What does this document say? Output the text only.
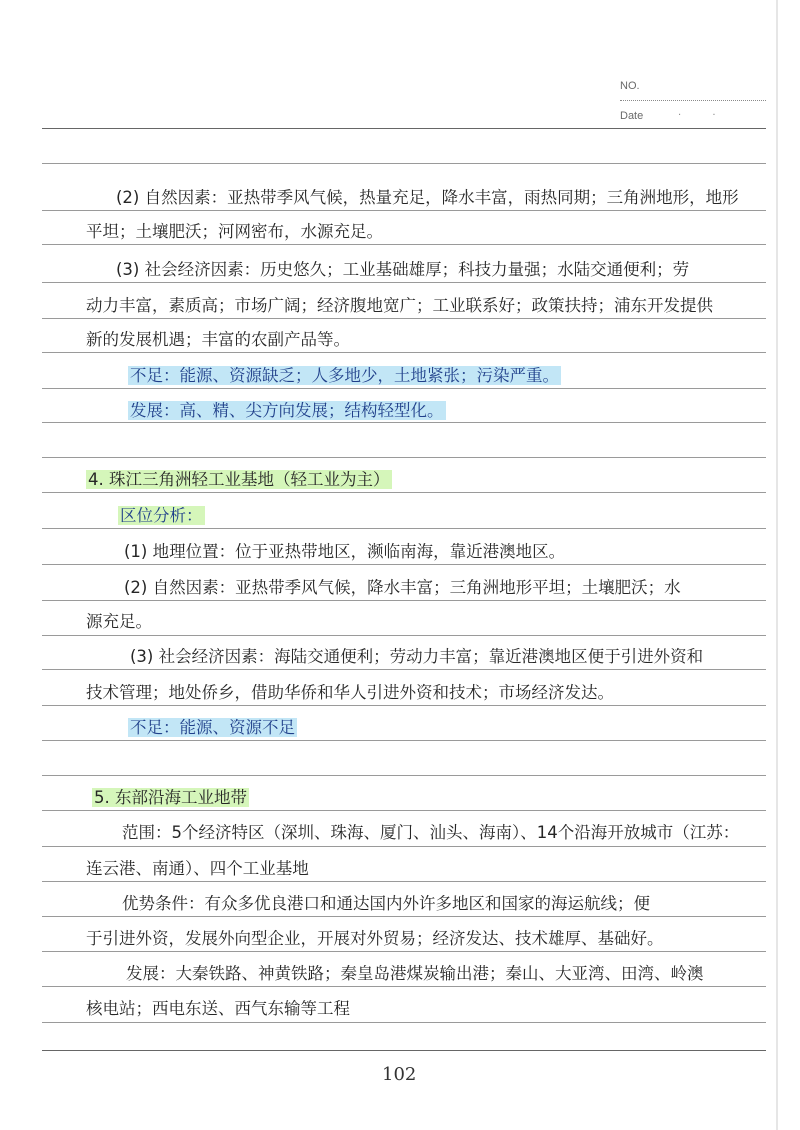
NO.
Date	· ·
(2) 自然因素：亚热带季风气候，热量充足，降水丰富，雨热同期；三角洲地形，地形
平坦；土壤肥沃；河网密布，水源充足。
(3) 社会经济因素：历史悠久；工业基础雄厚；科技力量强；水陆交通便利；劳
动力丰富，素质高；市场广阔；经济腹地宽广；工业联系好；政策扶持；浦东开发提供
新的发展机遇；丰富的农副产品等。
不足：能源、资源缺乏；人多地少，土地紧张；污染严重。
发展：高、精、尖方向发展；结构轻型化。
4. 珠江三角洲轻工业基地（轻工业为主）
区位分析：
(1) 地理位置：位于亚热带地区，濒临南海，靠近港澳地区。
(2) 自然因素：亚热带季风气候，降水丰富；三角洲地形平坦；土壤肥沃；水
源充足。
(3) 社会经济因素：海陆交通便利；劳动力丰富；靠近港澳地区便于引进外资和
技术管理；地处侨乡，借助华侨和华人引进外资和技术；市场经济发达。
不足：能源、资源不足
5. 东部沿海工业地带
范围：5个经济特区（深圳、珠海、厦门、汕头、海南）、14个沿海开放城市（江苏：
连云港、南通）、四个工业基地
优势条件：有众多优良港口和通达国内外许多地区和国家的海运航线；便
于引进外资，发展外向型企业，开展对外贸易；经济发达、技术雄厚、基础好。
发展：大秦铁路、神黄铁路；秦皇岛港煤炭输出港；秦山、大亚湾、田湾、岭澳
核电站；西电东送、西气东输等工程
102
